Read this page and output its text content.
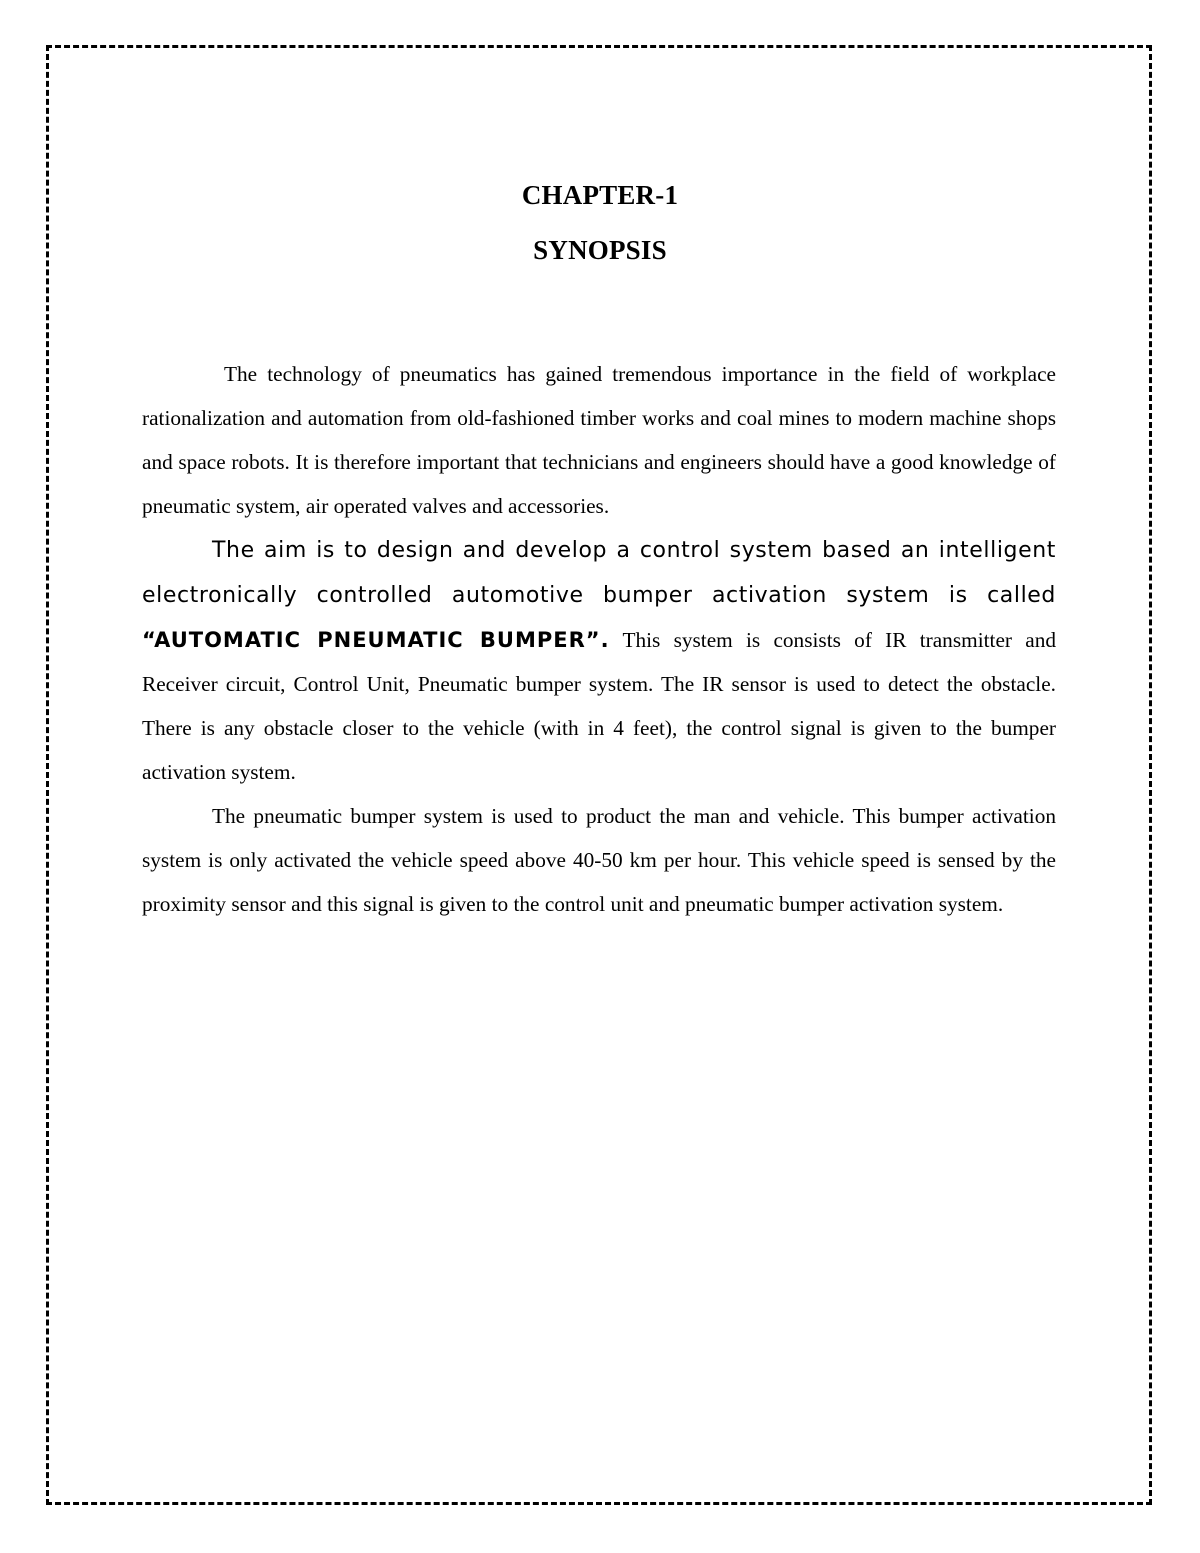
CHAPTER-1
SYNOPSIS

The technology of pneumatics has gained tremendous importance in the field of workplace rationalization and automation from old-fashioned timber works and coal mines to modern machine shops and space robots. It is therefore important that technicians and engineers should have a good knowledge of pneumatic system, air operated valves and accessories.

The aim is to design and develop a control system based an intelligent electronically controlled automotive bumper activation system is called “AUTOMATIC PNEUMATIC BUMPER”. This system is consists of IR transmitter and Receiver circuit, Control Unit, Pneumatic bumper system. The IR sensor is used to detect the obstacle. There is any obstacle closer to the vehicle (with in 4 feet), the control signal is given to the bumper activation system.

The pneumatic bumper system is used to product the man and vehicle. This bumper activation system is only activated the vehicle speed above 40-50 km per hour. This vehicle speed is sensed by the proximity sensor and this signal is given to the control unit and pneumatic bumper activation system.
